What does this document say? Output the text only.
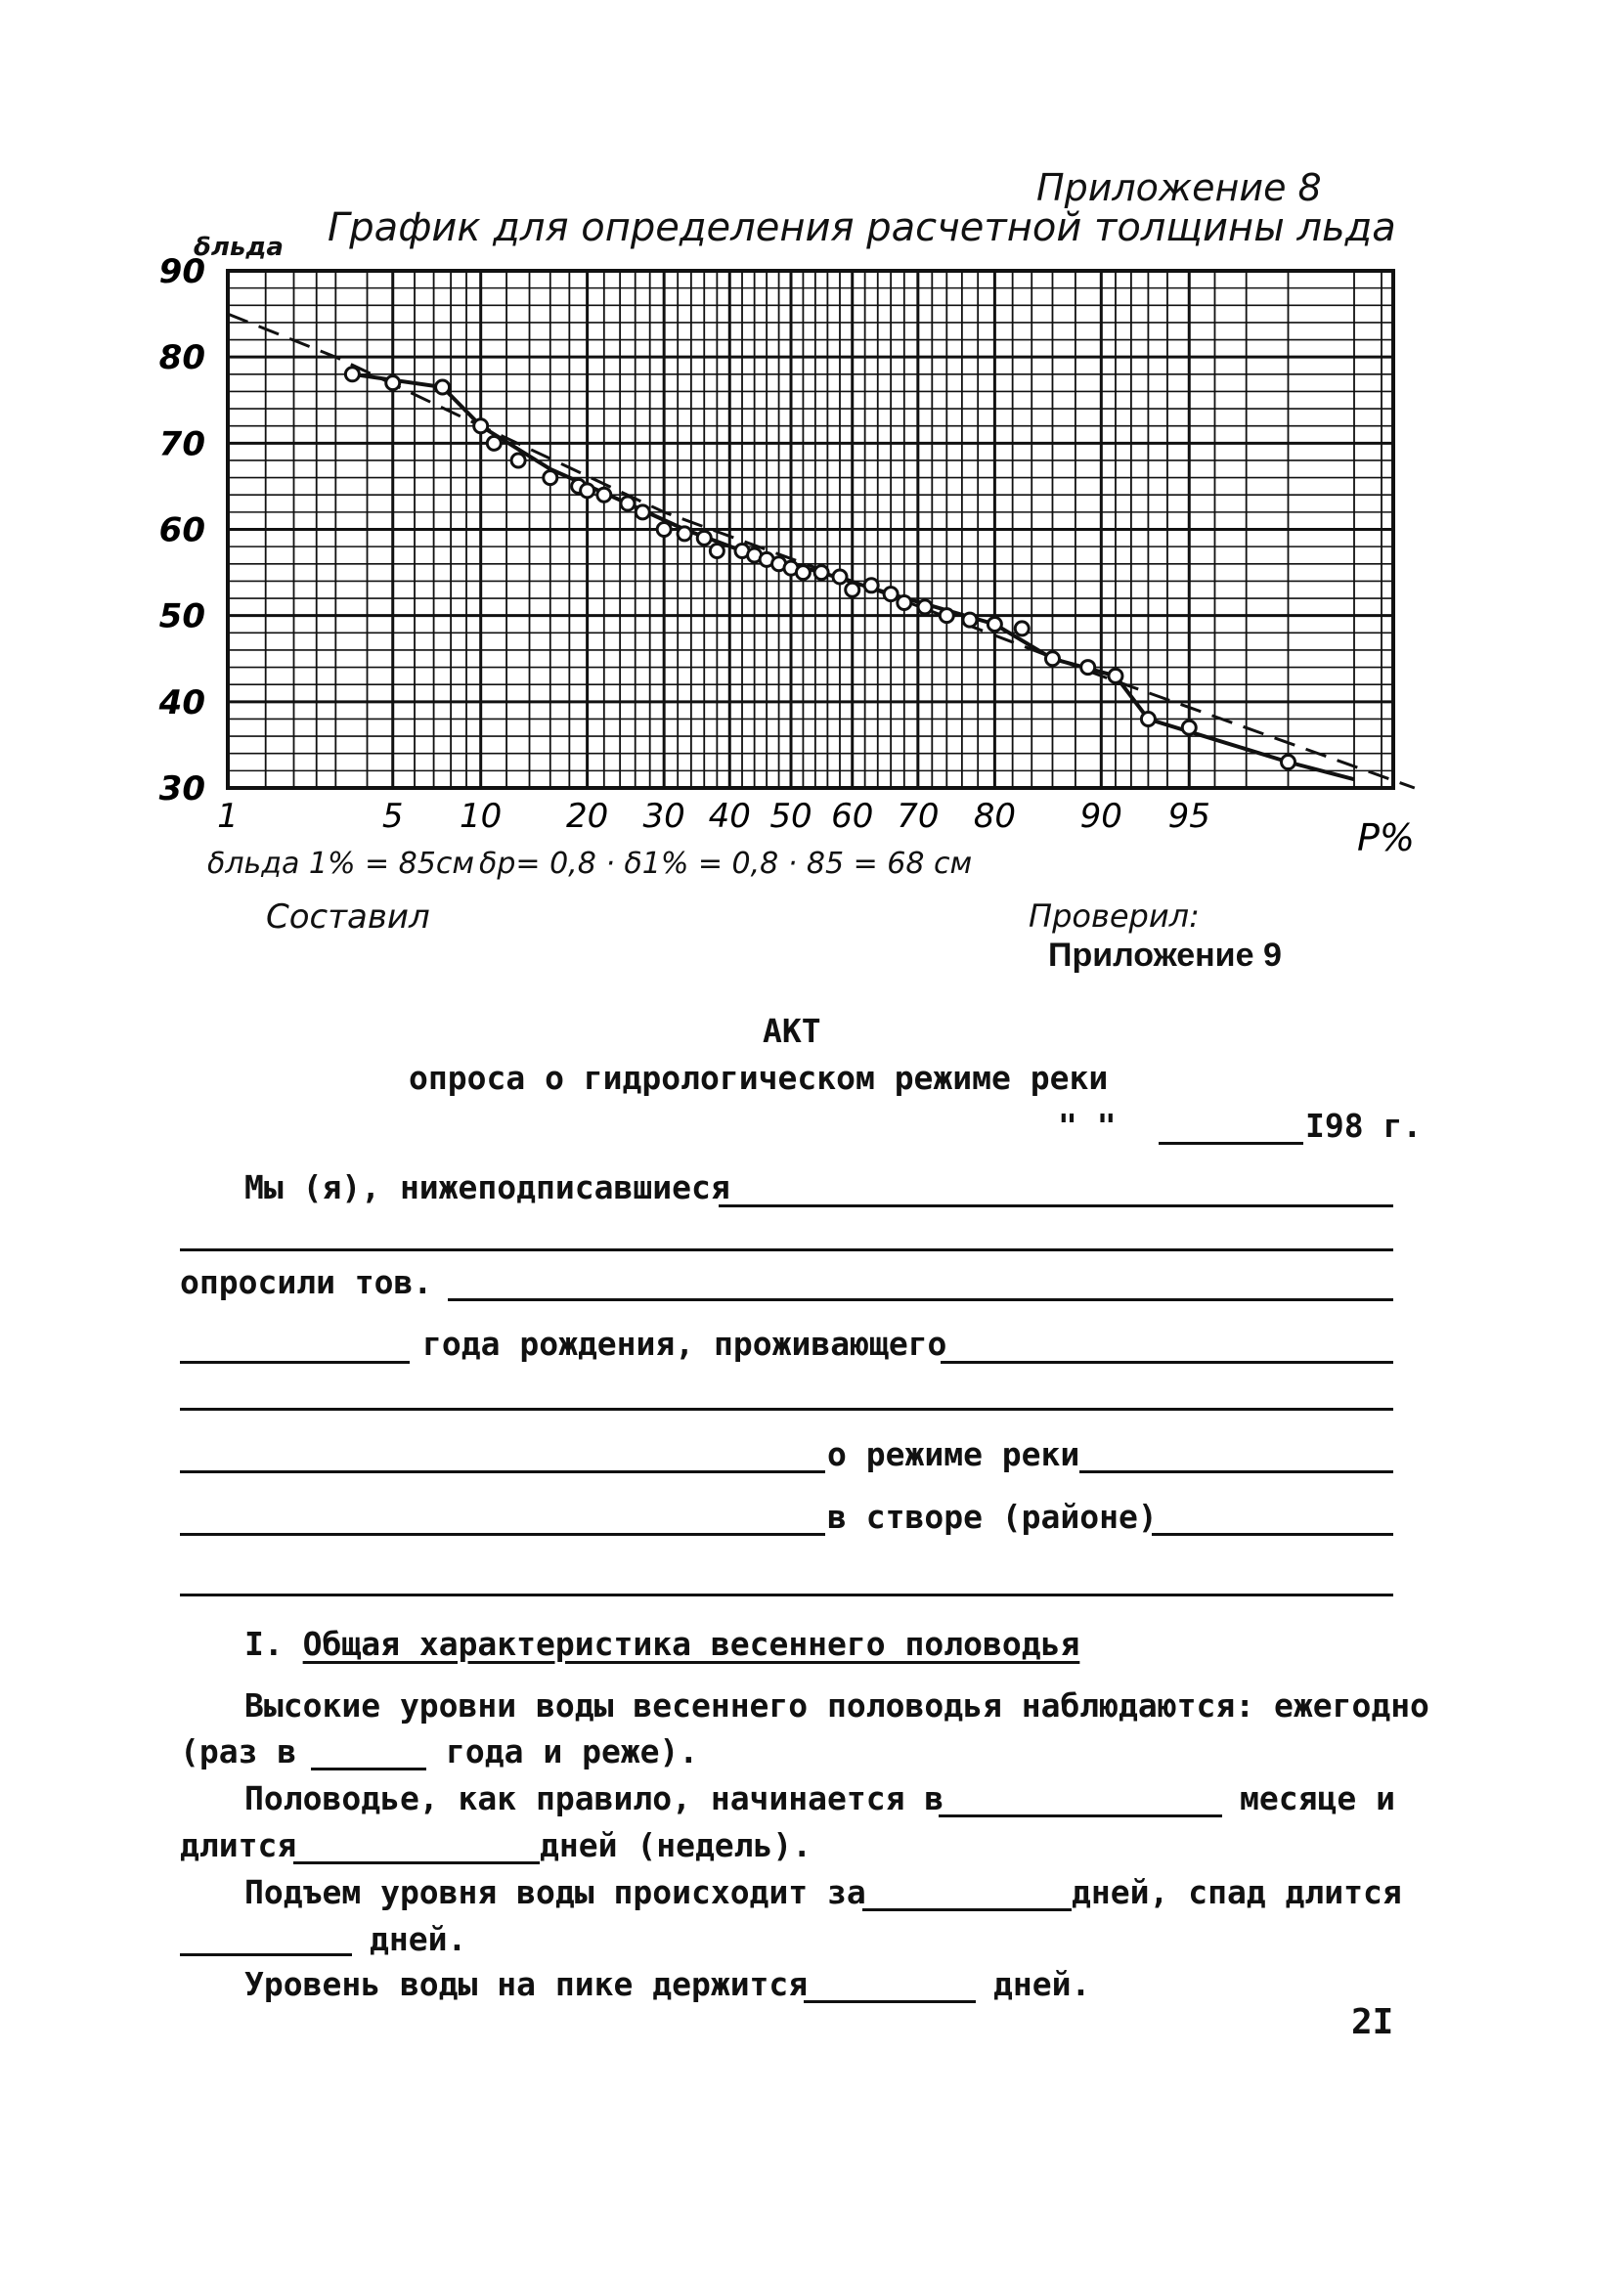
Приложение 8
График для определения расчетной толщины льда
δльда
90
80
70
60
50
40
30
1	5 10 20 30 40 50 60 70 80 90 95	P%
δльда 1% = 85см δр= 0,8 · δ1% = 0,8 · 85 = 68 см
Составил	Проверил:
Приложение 9
АКТ
опроса о гидрологическом режиме реки
" "	I98 г.
Мы (я), нижеподписавшиеся
опросили тов.
года рождения, проживающего
о режиме реки
в створе (районе)
I. Общая характеристика весеннего половодья
Высокие уровни воды весеннего половодья наблюдаются: ежегодно
(раз в	года и реже).
Половодье, как правило, начинается в	месяце и
длится	дней (недель).
Подъем уровня воды происходит за	дней, спад длится
дней.
Уровень воды на пике держится	дней.
2I
